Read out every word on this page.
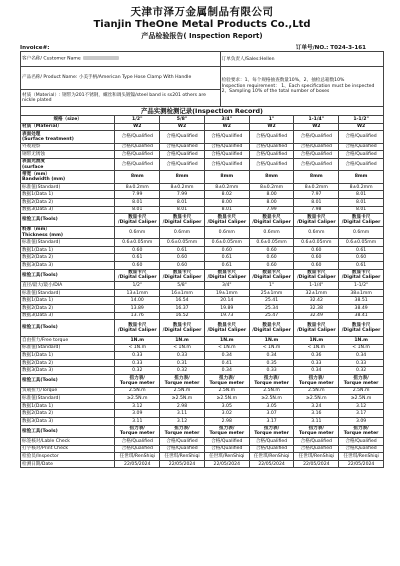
天津市泽万金属制品有限公司
Tianjin TheOne Metal Products Co.,Ltd
产品检验报告( Inspection Report)
Invoice#:	订单号/NO.: T024-3-161
客户名称/ Customer Name	订单负责人/Sales:Hellen
产品名称/ Product Name: 小美手柄/American Type Hose Clamp With Handle	检验要求：1、每个规格抽查数量10%，2、抽检总箱数10%
Inspection requirement： 1、Each specification must be inspected
2、Sampling 10% of the total number of boxes

材质（Material）: 钢带为201不锈钢，螺丝和调头镀镍/steel band is ss201 others are nickle plated	
产品实测检测记录(Inspection Record)
规格（size）	1/2"	5/8"	3/4"	1"	1-1/4"	1-1/2"
材质（Material）	W2	W2	W2	W2	W2	W2
表面处理
(Surface treatment)	合格/Qualified	合格/Qualified	合格/Qualified	合格/Qualified	合格/Qualified	合格/Qualified
外观观察	合格/Qualified	合格/Qualified	合格/Qualified	合格/Qualified	合格/Qualified	合格/Qualified
钢带无锈蚀	合格/Qualified	合格/Qualified	合格/Qualified	合格/Qualified	合格/Qualified	合格/Qualified
表面光滑度
(surface	合格/Qualified	合格/Qualified	合格/Qualified	合格/Qualified	合格/Qualified	合格/Qualified
带宽（mm）
Bandwidth (mm)	8mm	8mm	8mm	8mm	8mm	8mm
标准值(Standard)	8±0.2mm	8±0.2mm	8±0.2mm	8±0.2mm	8±0.2mm	8±0.2mm
数据1(Data 1)	7.99	7.99	8.02	8.00	7.97	8.01
数据2(Data 2)	8.01	8.01	8.00	8.00	8.01	8.01
数据3(Data 3)	8.01	8.01	8.01	7.99	7.98	8.01
检验工具(Tools)	数显卡尺
/Digital Caliper	数显卡尺
/Digital Caliper	数显卡尺
/Digital Caliper	数显卡尺
/Digital Caliper	数显卡尺
/Digital Caliper	数显卡尺
/Digital Caliper
料厚（mm）
Thickness (mm)	0.6mm	0.6mm	0.6mm	0.6mm	0.6mm	0.6mm
标准值(Standard)	0.6±0.05mm	0.6±0.05mm	0.6±0.05mm	0.6±0.05mm	0.6±0.05mm	0.6±0.05mm
数据1(Data 1)	0.60	0.61	0.60	0.60	0.60	0.61
数据2(Data 2)	0.61	0.60	0.61	0.60	0.60	0.60
数据3(Data 3)	0.60	0.60	0.61	0.60	0.60	0.61
检验工具(Tools)	数显卡尺
/Digital Caliper	数显卡尺
/Digital Caliper	数显卡尺
/Digital Caliper	数显卡尺
/Digital Caliper	数显卡尺
/Digital Caliper	数显卡尺
/Digital Caliper
直径/最大/最小/DIA	1/2"	5/8"	3/4"	1"	1-1/4"	1-1/2"
标准值(Standard)	13±1mm	16±1mm	19±1mm	25±1mm	32±1mm	38±1mm
数据1(Data 1)	14.00	16.54	20.14	25.41	32.42	38.51
数据2(Data 2)	13.89	16.37	19.89	25.34	32.38	38.49
数据3(Data 3)	13.76	16.52	19.73	25.47	32.49	38.41
检验工具(Tools)	数显卡尺
/Digital Caliper	数显卡尺
/Digital Caliper	数显卡尺
/Digital Caliper	数显卡尺
/Digital Caliper	数显卡尺
/Digital Caliper	数显卡尺
/Digital Caliper
自由扭力/Free torque	1N.m	1N.m	1N.m	1N.m	1N.m	1N.m
标准值(Standard)	< 1N.m	< 1N.m	< 1N.m	< 1N.m	< 1N.m	< 1N.m
数据1(Data 1)	0.33	0.33	0.34	0.34	0.36	0.34
数据2(Data 2)	0.33	0.31	0.41	0.35	0.33	0.33
数据3(Data 3)	0.32	0.32	0.34	0.33	0.34	0.32
检验工具(Tools)	扭力表/
Torque meter	扭力表/
Torque meter	扭力表/
Torque meter	扭力表/
Torque meter	扭力表/
Torque meter	扭力表/
Torque meter
负载扭力/Torque	2.5N.m	2.5N.m	2.5N.m	2.5N.m	2.5N.m	2.5N.m
标准值(Standard)	≥2.5N.m	≥2.5N.m	≥2.5N.m	≥2.5N.m	≥2.5N.m	≥2.5N.m
数据1(Data 1)	3.12	2.98	3.05	3.05	3.24	3.12
数据2(Data 2)	3.09	3.11	3.02	3.07	3.16	3.17
数据3(Data 3)	3.11	3.12	2.98	3.17	3.11	3.09
检验工具(Tools)	扭力表/
Torque meter	扭力表/
Torque meter	扭力表/
Torque meter	扭力表/
Torque meter	扭力表/
Torque meter	扭力表/
Torque meter
标签核对/Lable Check	合格/Qualified	合格/Qualified	合格/Qualified	合格/Qualified	合格/Qualified	合格/Qualified
打字核对/Print Check	合格/Qualified	合格/Qualified	合格/Qualified	合格/Qualified	合格/Qualified	合格/Qualified
检验员/Inspector	任世琪/RenShiqi	任世琪/RenShiqi	任世琪/RenShiqi	任世琪/RenShiqi	任世琪/RenShiqi	任世琪/RenShiqi
检测日期/Date	22/05/2024	22/05/2024	22/05/2024	22/05/2024	22/05/2024	22/05/2024
